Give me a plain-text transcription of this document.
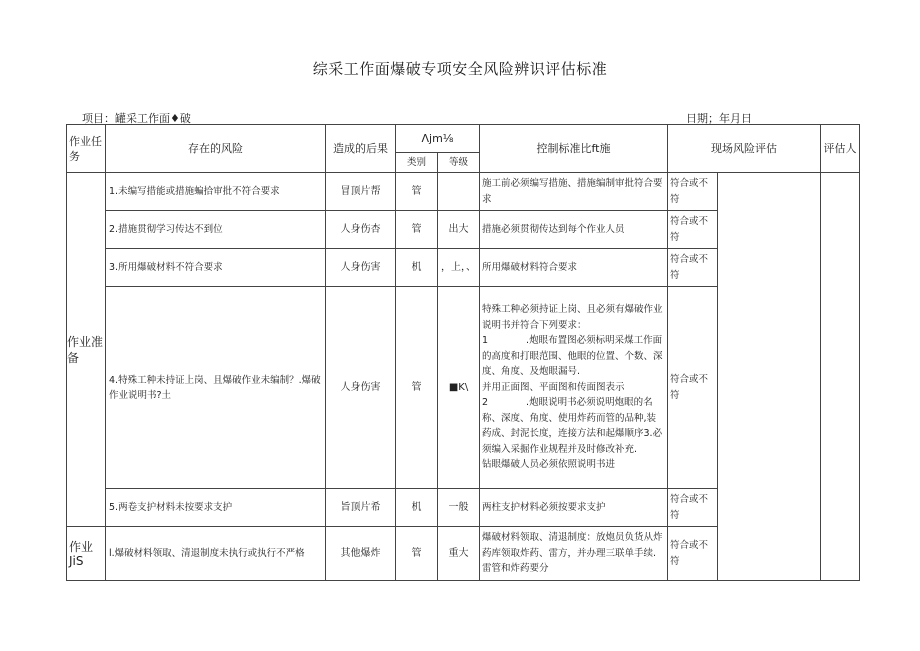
综采工作面爆破专项安全风险辨识评估标准
项目：罐采工作面♦破	日期；年月日
作业任务	存在的风险	造成的后果	Λjm⅛		控制标准比ft施	现场风险评估		评估人
			类别	等级				
作业准备	1.未编写措能或措施蝙拾审批不符合要求	冒顶片帮	管		施工前必须编写措施、措施编制审批符合要求	符合或不符		
	2.措施贯彻学习传达不到位	人身伤杏	管	出大	措施必须贯彻传达到每个作业人员	符合或不符		
	3.所用爆破材料不符合要求	人身伤害	机	，上，、	所用爆破材料符合要求	符合或不符		
	4.特殊工种未持证上岗、且爆破作业未编制？.爆破作业说明书?土	人身伤害	管	■K\	特殊工种必须持证上岗、且必须有爆破作业说明书并符合下列要求：
1　　　　.炮眼布置图必须标明采煤工作面的高度和打眼范围、他眼的位置、个数、深度、角度、及炮眼漏号.
并用正面图、平面图和传面图表示
2　　　　.炮眼说明书必须说明炮眼的名称、深度、角度、使用炸药而管的品种,装药成、封泥长度，连接方法和起爆顺序3.必须编入采掘作业规程并及时修改补充.
钻眼爆破人员必须依照说明书进	符合或不符		
	5.两卷支护材料未按要求支护	旨顶片希	机	一般	两柱支护材料必须按要求支护	符合或不符		
作业JiS	l.爆破材料领取、清退制度未执行或执行不严格	其他爆炸	管	重大	爆破材料领取、清退制度：放炮员负货从炸药库领取炸药、雷方，并办理三联单手续.雷管和炸药要分	符合或不符		
